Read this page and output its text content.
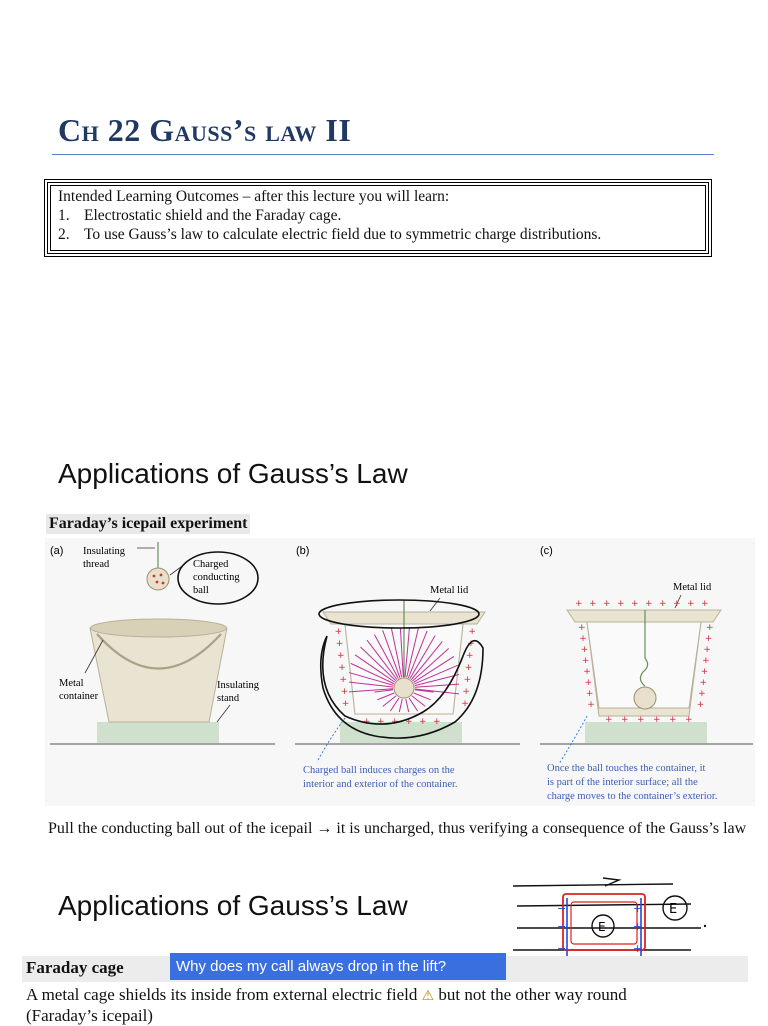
Ch 22 Gauss’s law II
Intended Learning Outcomes – after this lecture you will learn:
1. Electrostatic shield and the Faraday cage.
2. To use Gauss’s law to calculate electric field due to symmetric charge distributions.
Applications of Gauss’s Law
Faraday’s icepail experiment
(a) Insulating
thread	Charged
conducting
ball
Metal
container
Insulating
stand
(b)
Metal lid
+	+
+	+
+	+
+	+
+	+
+	+
+	+
+ + + + + +
Charged ball induces charges on the
interior and exterior of the container.
(c)
Metal lid
+ + + + + + + + + +
+	+
+	+
+	+
+	+
+	+
+	+
+	+
+	+
+ + + + + +
Once the ball touches the container, it
is part of the interior surface; all the
charge moves to the container’s exterior.

Pull the conducting ball out of the icepail → it is uncharged, thus verifying a consequence of the Gauss’s law

Applications of Gauss’s Law	−
−
−
+
+
+
E
E
Faraday cage	Why does my call always drop in the lift?
A metal cage shields its inside from external electric field ⚠ but not the other way round
(Faraday’s icepail)
